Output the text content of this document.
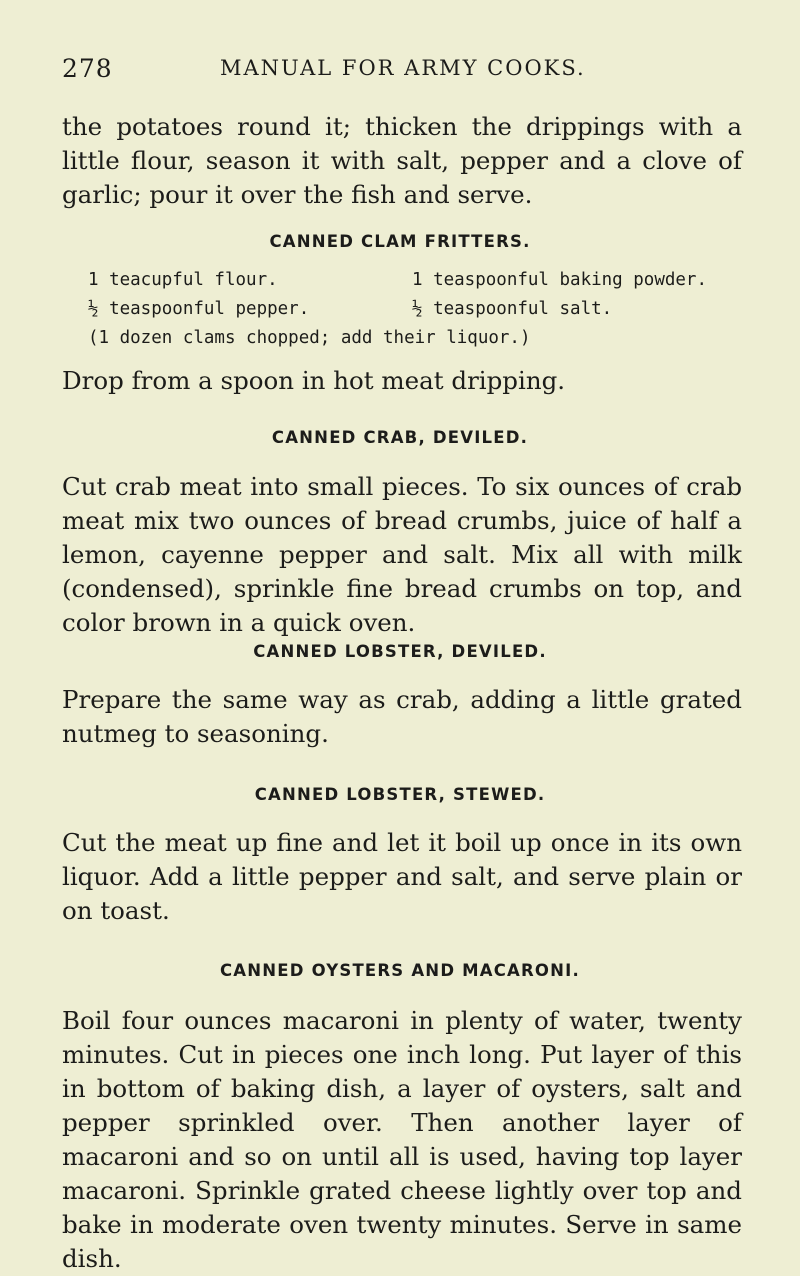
278	MANUAL FOR ARMY COOKS.
the potatoes round it; thicken the drippings with a little flour, season it with salt, pepper and a clove of garlic; pour it over the fish and serve.
CANNED CLAM FRITTERS.
1 teacupful flour.	1 teaspoonful baking powder.
½ teaspoonful pepper.	½ teaspoonful salt.
(1 dozen clams chopped; add their liquor.)
Drop from a spoon in hot meat dripping.
CANNED CRAB, DEVILED.
Cut crab meat into small pieces. To six ounces of crab meat mix two ounces of bread crumbs, juice of half a lemon, cayenne pepper and salt. Mix all with milk (condensed), sprinkle fine bread crumbs on top, and color brown in a quick oven.
CANNED LOBSTER, DEVILED.
Prepare the same way as crab, adding a little grated nutmeg to seasoning.
CANNED LOBSTER, STEWED.
Cut the meat up fine and let it boil up once in its own liquor. Add a little pepper and salt, and serve plain or on toast.
CANNED OYSTERS AND MACARONI.
Boil four ounces macaroni in plenty of water, twenty minutes. Cut in pieces one inch long. Put layer of this in bottom of baking dish, a layer of oysters, salt and pepper sprinkled over. Then another layer of macaroni and so on until all is used, having top layer macaroni. Sprinkle grated cheese lightly over top and bake in moderate oven twenty minutes. Serve in same dish.
